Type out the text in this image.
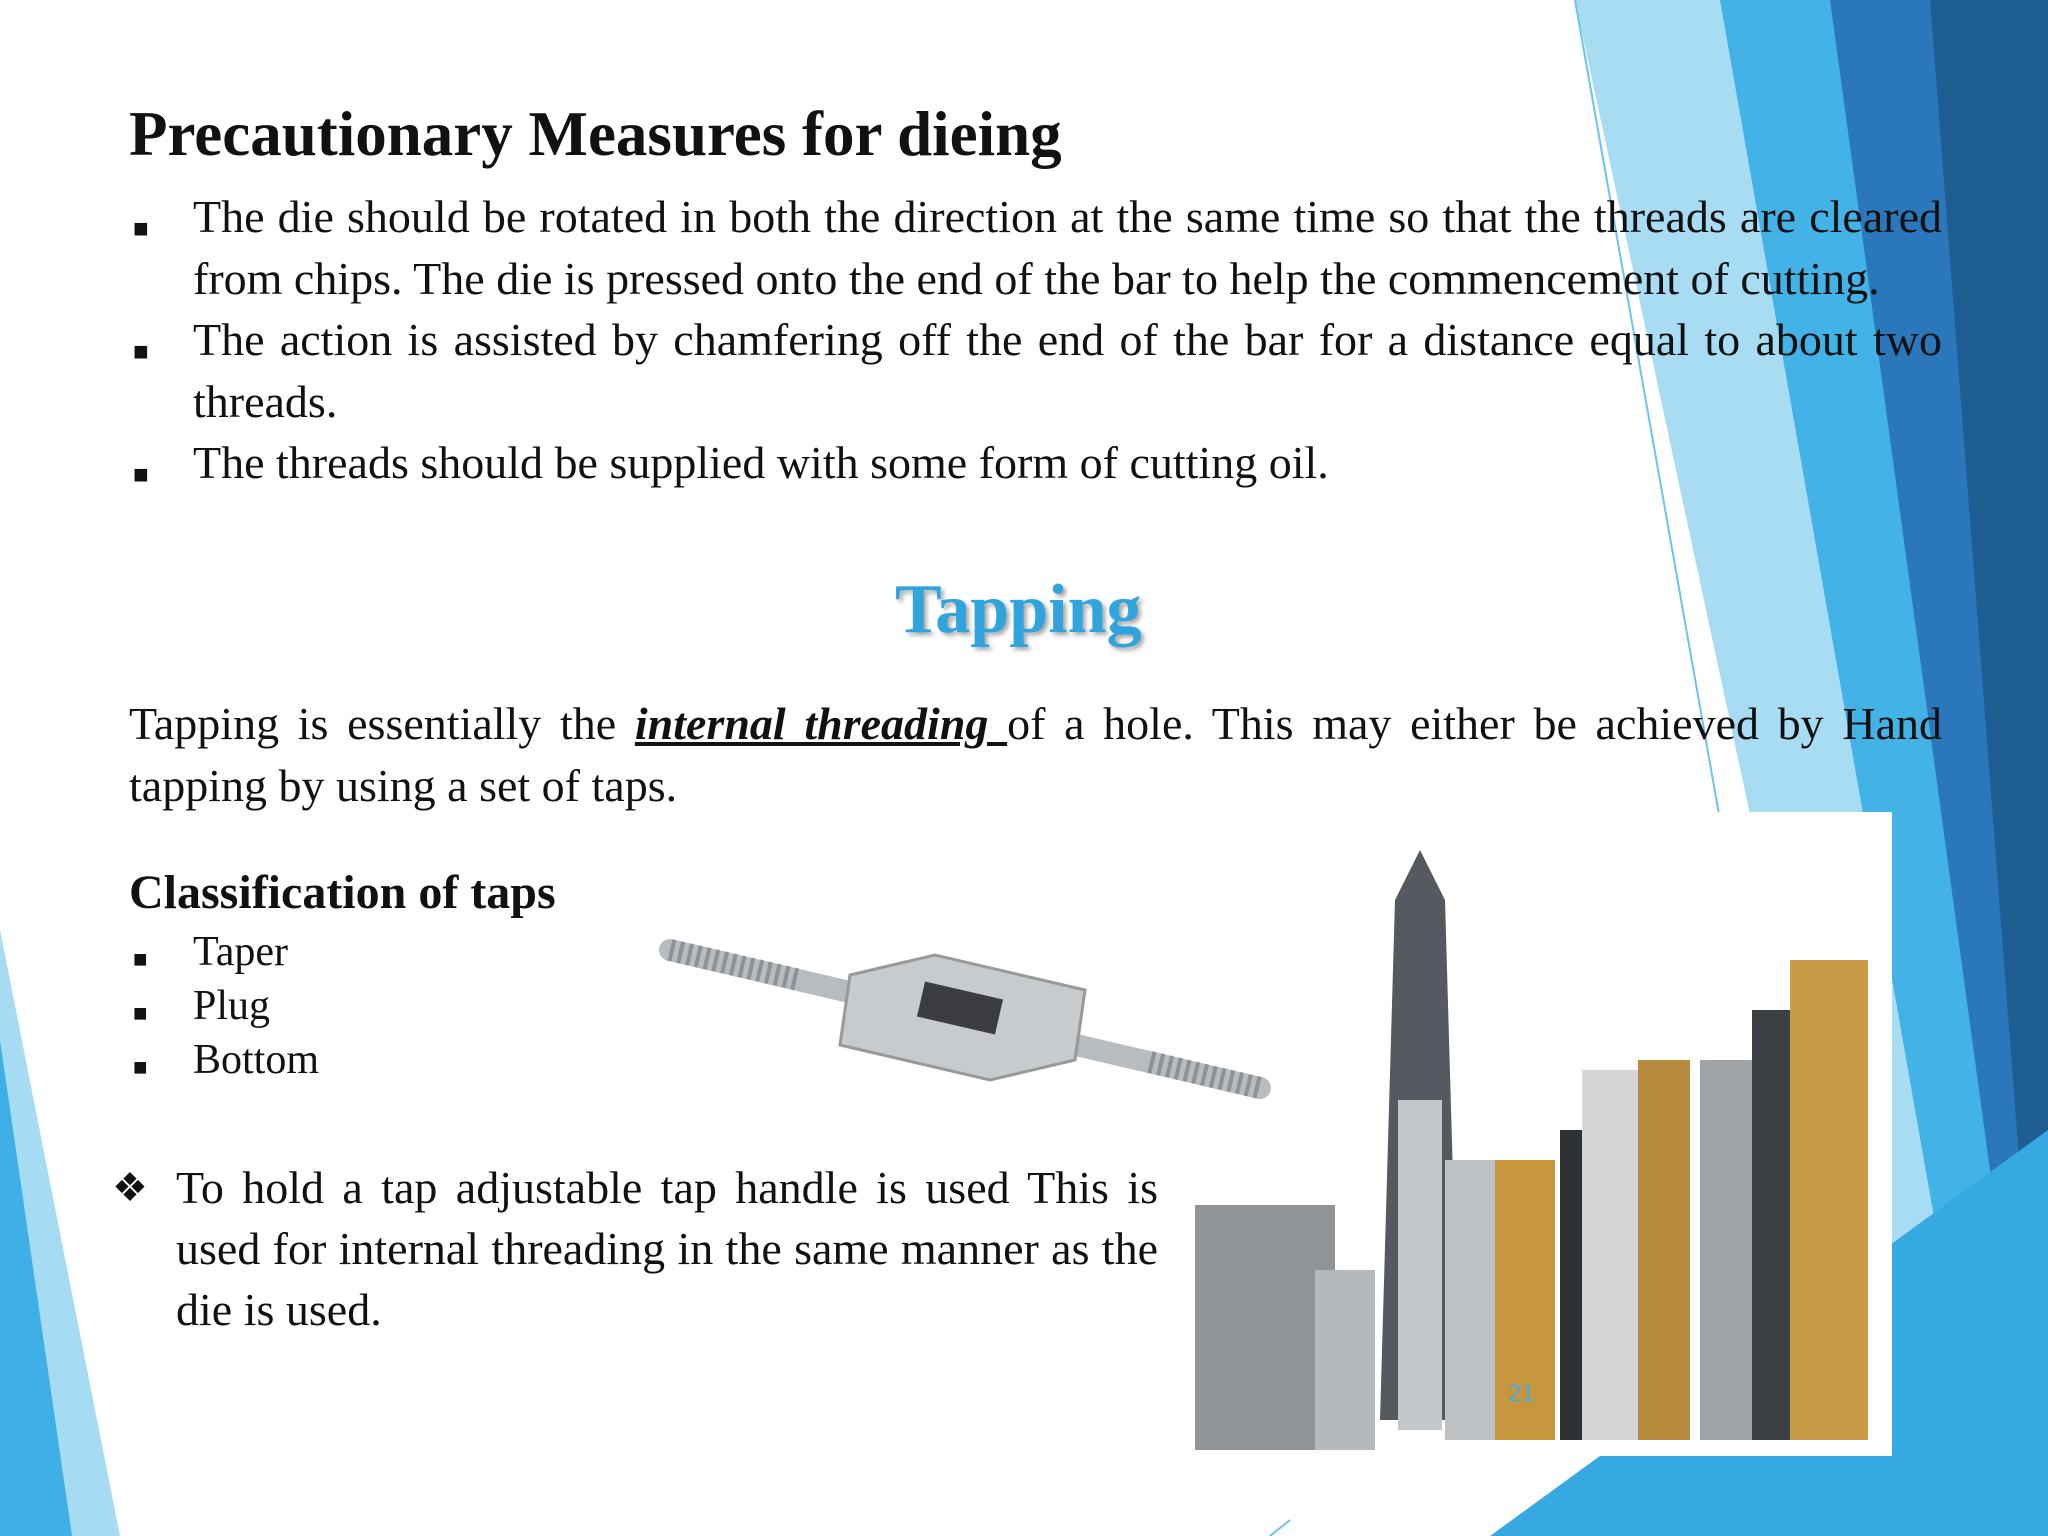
Precautionary Measures for dieing
■ The die should be rotated in both the direction at the same time so that the threads are cleared from chips. The die is pressed onto the end of the bar to help the commencement of cutting.
■ The action is assisted by chamfering off the end of the bar for a distance equal to about two threads.
■ The threads should be supplied with some form of cutting oil.
Tapping

Tapping is essentially the internal threading of a hole. This may either be achieved by Hand tapping by using a set of taps.

Classification of taps
■ Taper
■ Plug
■ Bottom

❖ To hold a tap adjustable tap handle is used This is used for internal threading in the same manner as the die is used.

21
